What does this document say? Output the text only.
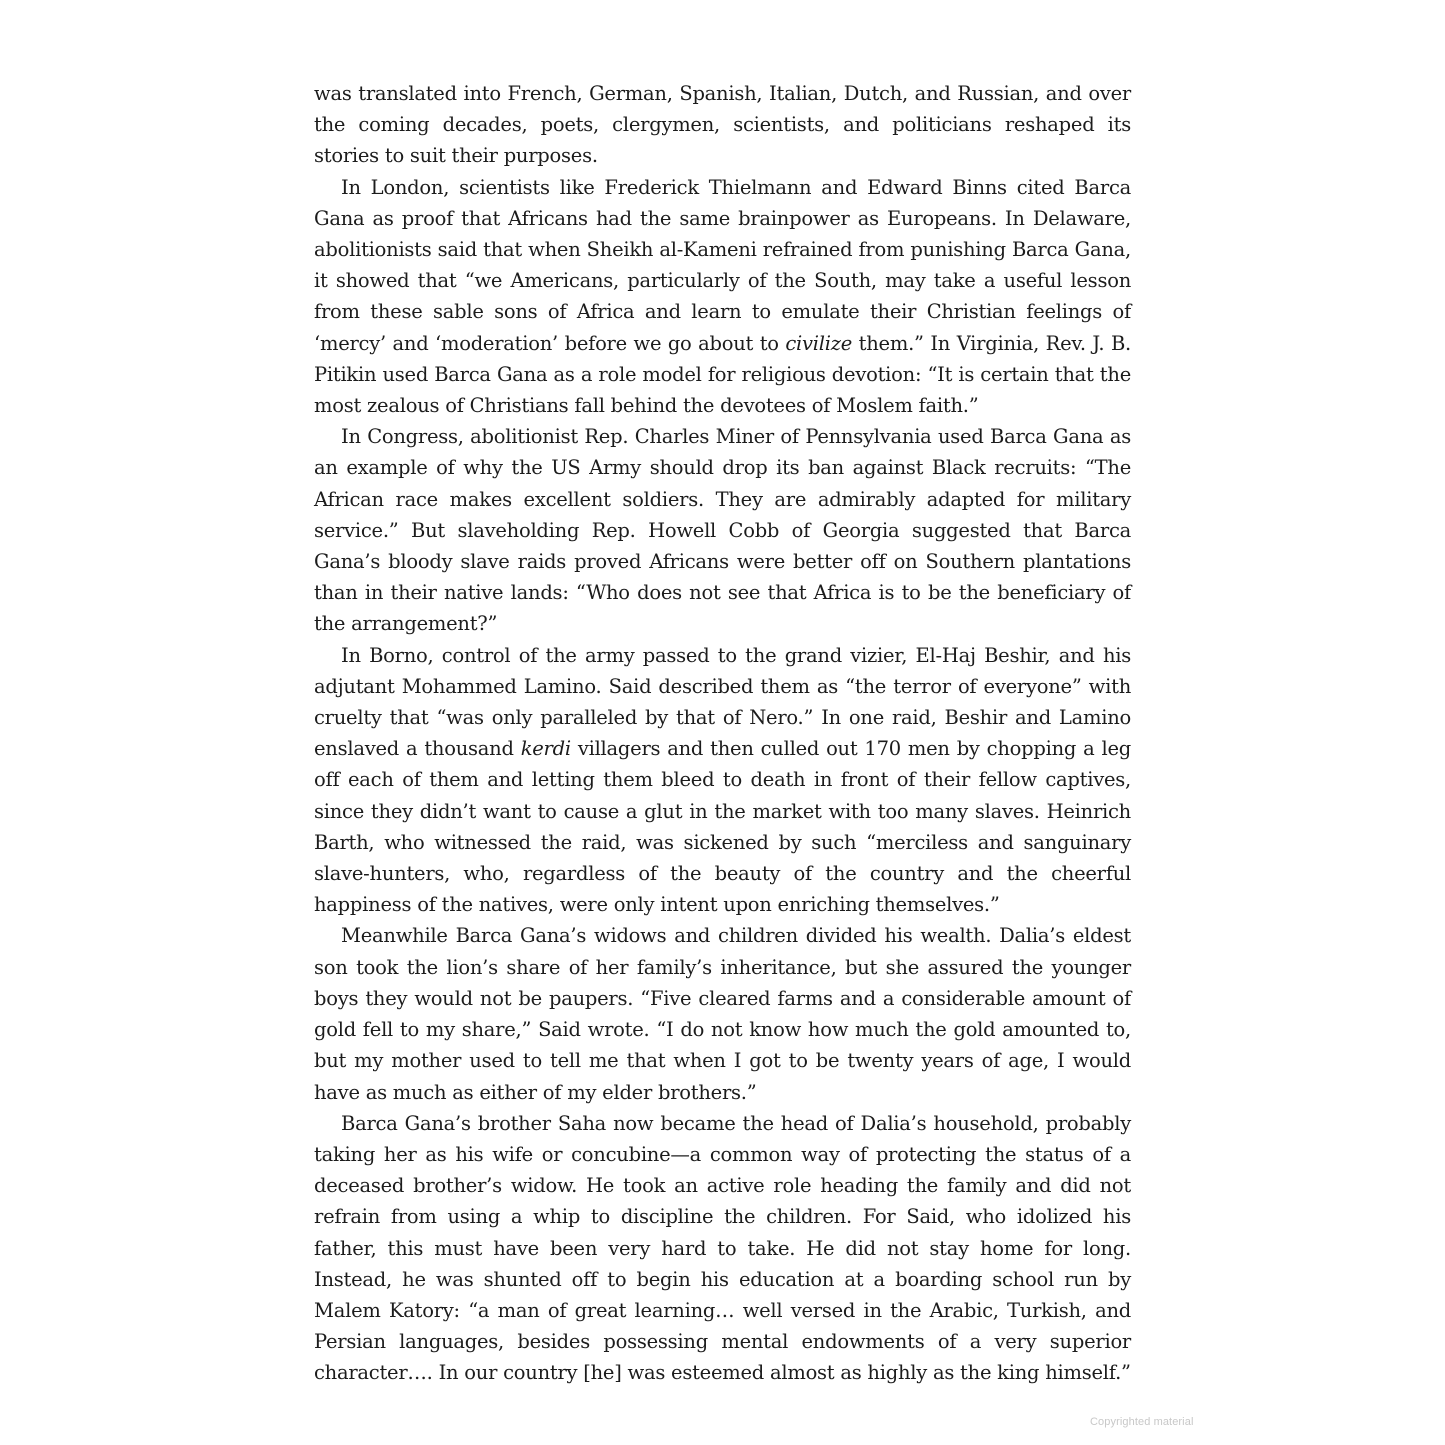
was translated into French, German, Spanish, Italian, Dutch, and Russian, and over the coming decades, poets, clergymen, scientists, and politicians reshaped its stories to suit their purposes.

In London, scientists like Frederick Thielmann and Edward Binns cited Barca Gana as proof that Africans had the same brainpower as Europeans. In Delaware, abolitionists said that when Sheikh al-Kameni refrained from punishing Barca Gana, it showed that “we Americans, particularly of the South, may take a useful lesson from these sable sons of Africa and learn to emulate their Christian feelings of ‘mercy’ and ‘moderation’ before we go about to civilize them.” In Virginia, Rev. J. B. Pitikin used Barca Gana as a role model for religious devotion: “It is certain that the most zealous of Christians fall behind the devotees of Moslem faith.”

In Congress, abolitionist Rep. Charles Miner of Pennsylvania used Barca Gana as an example of why the US Army should drop its ban against Black recruits: “The African race makes excellent soldiers. They are admirably adapted for military service.” But slaveholding Rep. Howell Cobb of Georgia suggested that Barca Gana’s bloody slave raids proved Africans were better off on Southern plantations than in their native lands: “Who does not see that Africa is to be the beneficiary of the arrangement?”

In Borno, control of the army passed to the grand vizier, El-Haj Beshir, and his adjutant Mohammed Lamino. Said described them as “the terror of everyone” with cruelty that “was only paralleled by that of Nero.” In one raid, Beshir and Lamino enslaved a thousand kerdi villagers and then culled out 170 men by chopping a leg off each of them and letting them bleed to death in front of their fellow captives, since they didn’t want to cause a glut in the market with too many slaves. Heinrich Barth, who witnessed the raid, was sickened by such “merciless and sanguinary slave-hunters, who, regardless of the beauty of the country and the cheerful happiness of the natives, were only intent upon enriching themselves.”

Meanwhile Barca Gana’s widows and children divided his wealth. Dalia’s eldest son took the lion’s share of her family’s inheritance, but she assured the younger boys they would not be paupers. “Five cleared farms and a considerable amount of gold fell to my share,” Said wrote. “I do not know how much the gold amounted to, but my mother used to tell me that when I got to be twenty years of age, I would have as much as either of my elder brothers.”

Barca Gana’s brother Saha now became the head of Dalia’s household, probably taking her as his wife or concubine—a common way of protecting the status of a deceased brother’s widow. He took an active role heading the family and did not refrain from using a whip to discipline the children. For Said, who idolized his father, this must have been very hard to take. He did not stay home for long. Instead, he was shunted off to begin his education at a boarding school run by Malem Katory: “a man of great learning… well versed in the Arabic, Turkish, and Persian languages, besides possessing mental endowments of a very superior character…. In our country [he] was esteemed almost as highly as the king himself.”

Copyrighted material
